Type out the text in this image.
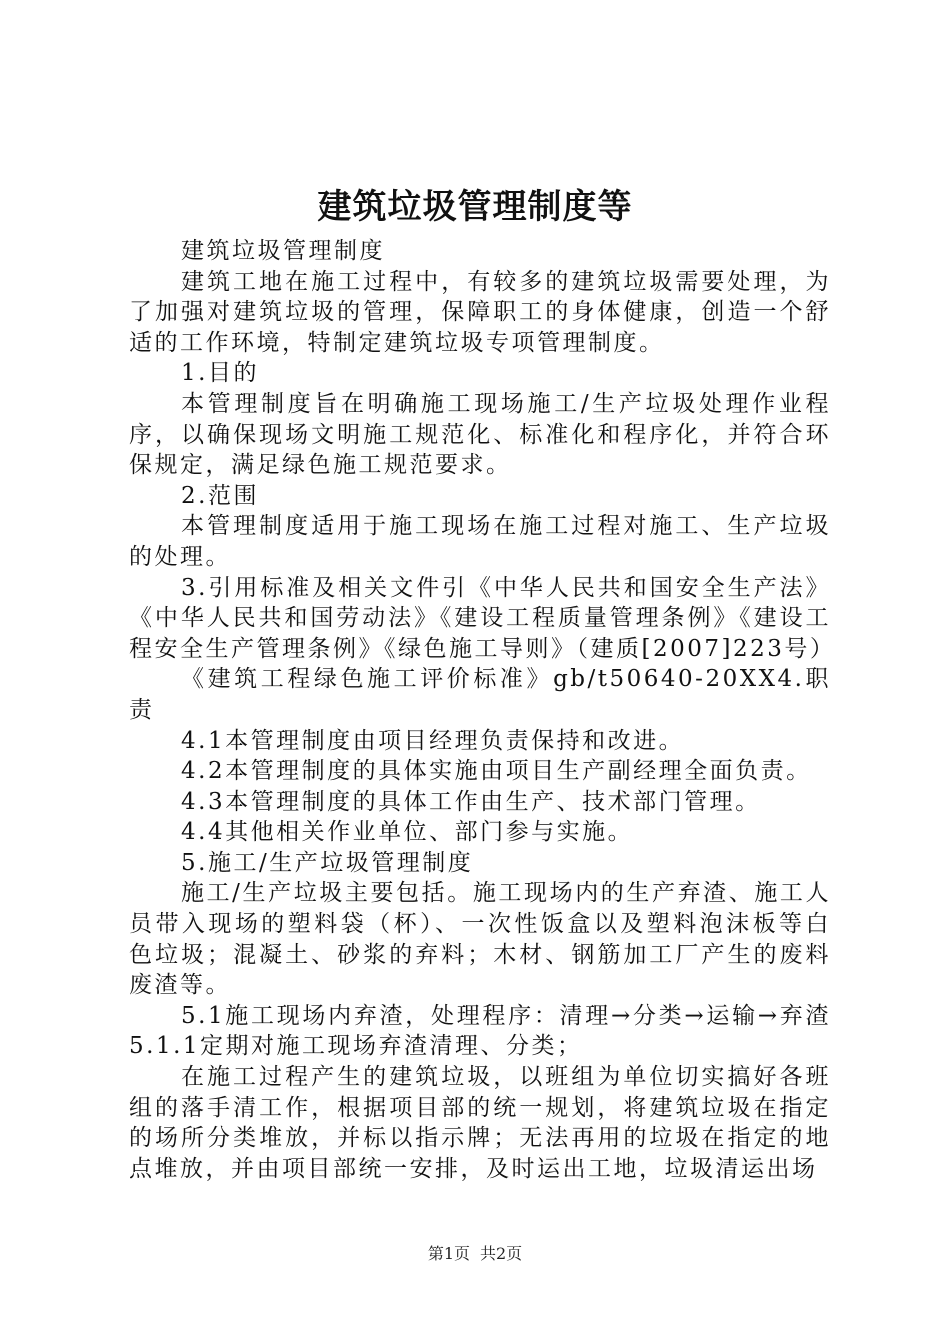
建筑垃圾管理制度等

建筑垃圾管理制度

建筑工地在施工过程中，有较多的建筑垃圾需要处理，为了加强对建筑垃圾的管理，保障职工的身体健康，创造一个舒适的工作环境，特制定建筑垃圾专项管理制度。

1.目的

本管理制度旨在明确施工现场施工/生产垃圾处理作业程序，以确保现场文明施工规范化、标准化和程序化，并符合环保规定，满足绿色施工规范要求。

2.范围

本管理制度适用于施工现场在施工过程对施工、生产垃圾的处理。

3.引用标准及相关文件引《中华人民共和国安全生产法》《中华人民共和国劳动法》《建设工程质量管理条例》《建设工程安全生产管理条例》《绿色施工导则》（建质[2007]223号）

《建筑工程绿色施工评价标准》gb/t50640-20XX4.职责

4.1本管理制度由项目经理负责保持和改进。

4.2本管理制度的具体实施由项目生产副经理全面负责。

4.3本管理制度的具体工作由生产、技术部门管理。

4.4其他相关作业单位、部门参与实施。

5.施工/生产垃圾管理制度

施工/生产垃圾主要包括。施工现场内的生产弃渣、施工人员带入现场的塑料袋（杯）、一次性饭盒以及塑料泡沫板等白色垃圾；混凝土、砂浆的弃料；木材、钢筋加工厂产生的废料废渣等。

5.1施工现场内弃渣，处理程序：清理→分类→运输→弃渣5.1.1定期对施工现场弃渣清理、分类；

在施工过程产生的建筑垃圾，以班组为单位切实搞好各班组的落手清工作，根据项目部的统一规划，将建筑垃圾在指定的场所分类堆放，并标以指示牌；无法再用的垃圾在指定的地点堆放，并由项目部统一安排，及时运出工地，垃圾清运出场

第1页 共2页
